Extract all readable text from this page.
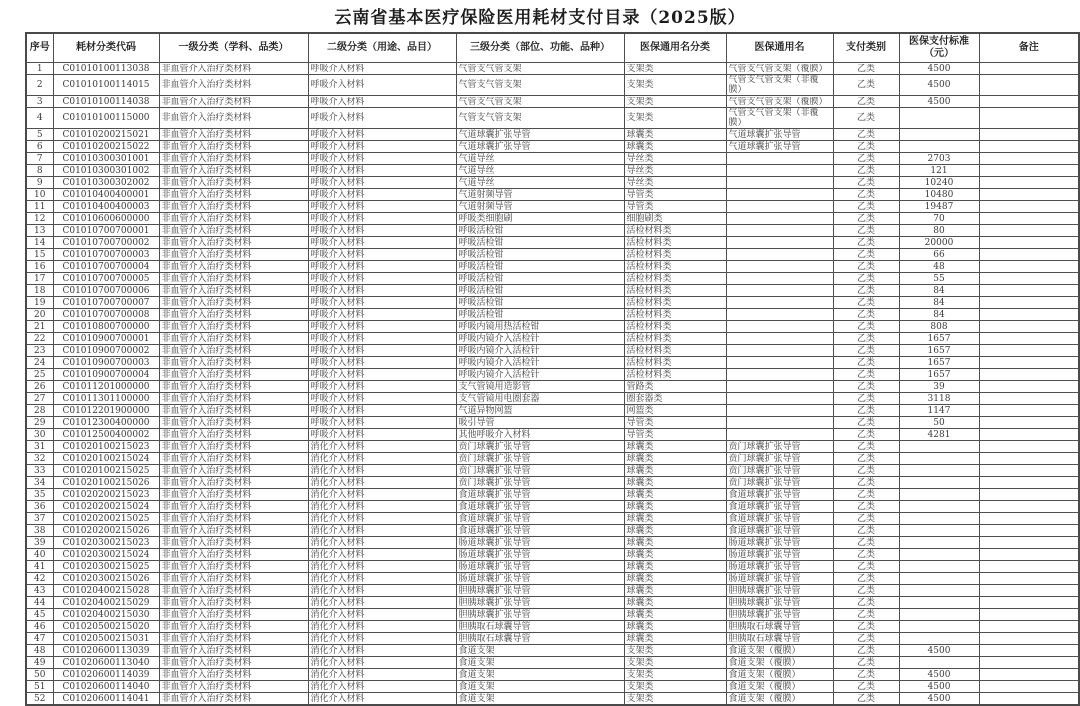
云南省基本医疗保险医用耗材支付目录（2025版）
序号	耗材分类代码	一级分类（学科、品类）	二级分类（用途、品目）	三级分类（部位、功能、品种）	医保通用名分类	医保通用名	支付类别	医保支付标准（元）	备注

1	C01010100113038	非血管介入治疗类材料	呼吸介入材料	气管支气管支架	支架类	气管支气管支架（覆膜）	乙类	4500	

2	C01010100114015	非血管介入治疗类材料	呼吸介入材料	气管支气管支架	支架类	气管支气管支架（非覆膜）	乙类	4500	

3	C01010100114038	非血管介入治疗类材料	呼吸介入材料	气管支气管支架	支架类	气管支气管支架（覆膜）	乙类	4500	

4	C01010100115000	非血管介入治疗类材料	呼吸介入材料	气管支气管支架	支架类	气管支气管支架（非覆膜）	乙类		

5	C01010200215021	非血管介入治疗类材料	呼吸介入材料	气道球囊扩张导管	球囊类	气道球囊扩张导管	乙类		

6	C01010200215022	非血管介入治疗类材料	呼吸介入材料	气道球囊扩张导管	球囊类	气道球囊扩张导管	乙类		

7	C01010300301001	非血管介入治疗类材料	呼吸介入材料	气道导丝	导丝类		乙类	2703	

8	C01010300301002	非血管介入治疗类材料	呼吸介入材料	气道导丝	导丝类		乙类	121	

9	C01010300302002	非血管介入治疗类材料	呼吸介入材料	气道导丝	导丝类		乙类	10240	

10	C01010400400001	非血管介入治疗类材料	呼吸介入材料	气道射频导管	导管类		乙类	10480	

11	C01010400400003	非血管介入治疗类材料	呼吸介入材料	气道射频导管	导管类		乙类	19487	

12	C01010600600000	非血管介入治疗类材料	呼吸介入材料	呼吸类细胞刷	细胞刷类		乙类	70	

13	C01010700700001	非血管介入治疗类材料	呼吸介入材料	呼吸活检钳	活检材料类		乙类	80	

14	C01010700700002	非血管介入治疗类材料	呼吸介入材料	呼吸活检钳	活检材料类		乙类	20000	

15	C01010700700003	非血管介入治疗类材料	呼吸介入材料	呼吸活检钳	活检材料类		乙类	66	

16	C01010700700004	非血管介入治疗类材料	呼吸介入材料	呼吸活检钳	活检材料类		乙类	48	

17	C01010700700005	非血管介入治疗类材料	呼吸介入材料	呼吸活检钳	活检材料类		乙类	55	

18	C01010700700006	非血管介入治疗类材料	呼吸介入材料	呼吸活检钳	活检材料类		乙类	84	

19	C01010700700007	非血管介入治疗类材料	呼吸介入材料	呼吸活检钳	活检材料类		乙类	84	

20	C01010700700008	非血管介入治疗类材料	呼吸介入材料	呼吸活检钳	活检材料类		乙类	84	

21	C01010800700000	非血管介入治疗类材料	呼吸介入材料	呼吸内镜用热活检钳	活检材料类		乙类	808	

22	C01010900700001	非血管介入治疗类材料	呼吸介入材料	呼吸内镜介入活检针	活检材料类		乙类	1657	

23	C01010900700002	非血管介入治疗类材料	呼吸介入材料	呼吸内镜介入活检针	活检材料类		乙类	1657	

24	C01010900700003	非血管介入治疗类材料	呼吸介入材料	呼吸内镜介入活检针	活检材料类		乙类	1657	

25	C01010900700004	非血管介入治疗类材料	呼吸介入材料	呼吸内镜介入活检针	活检材料类		乙类	1657	

26	C01011201000000	非血管介入治疗类材料	呼吸介入材料	支气管镜用造影管	管路类		乙类	39	

27	C01011301100000	非血管介入治疗类材料	呼吸介入材料	支气管镜用电圈套器	圈套器类		乙类	3118	

28	C01012201900000	非血管介入治疗类材料	呼吸介入材料	气道异物网篮	网篮类		乙类	1147	

29	C01012300400000	非血管介入治疗类材料	呼吸介入材料	吸引导管	导管类		乙类	50	

30	C01012500400002	非血管介入治疗类材料	呼吸介入材料	其他呼吸介入材料	导管类		乙类	4281	

31	C01020100215023	非血管介入治疗类材料	消化介入材料	贲门球囊扩张导管	球囊类	贲门球囊扩张导管	乙类		

32	C01020100215024	非血管介入治疗类材料	消化介入材料	贲门球囊扩张导管	球囊类	贲门球囊扩张导管	乙类		

33	C01020100215025	非血管介入治疗类材料	消化介入材料	贲门球囊扩张导管	球囊类	贲门球囊扩张导管	乙类		

34	C01020100215026	非血管介入治疗类材料	消化介入材料	贲门球囊扩张导管	球囊类	贲门球囊扩张导管	乙类		

35	C01020200215023	非血管介入治疗类材料	消化介入材料	食道球囊扩张导管	球囊类	食道球囊扩张导管	乙类		

36	C01020200215024	非血管介入治疗类材料	消化介入材料	食道球囊扩张导管	球囊类	食道球囊扩张导管	乙类		

37	C01020200215025	非血管介入治疗类材料	消化介入材料	食道球囊扩张导管	球囊类	食道球囊扩张导管	乙类		

38	C01020200215026	非血管介入治疗类材料	消化介入材料	食道球囊扩张导管	球囊类	食道球囊扩张导管	乙类		

39	C01020300215023	非血管介入治疗类材料	消化介入材料	肠道球囊扩张导管	球囊类	肠道球囊扩张导管	乙类		

40	C01020300215024	非血管介入治疗类材料	消化介入材料	肠道球囊扩张导管	球囊类	肠道球囊扩张导管	乙类		

41	C01020300215025	非血管介入治疗类材料	消化介入材料	肠道球囊扩张导管	球囊类	肠道球囊扩张导管	乙类		

42	C01020300215026	非血管介入治疗类材料	消化介入材料	肠道球囊扩张导管	球囊类	肠道球囊扩张导管	乙类		

43	C01020400215028	非血管介入治疗类材料	消化介入材料	胆胰球囊扩张导管	球囊类	胆胰球囊扩张导管	乙类		

44	C01020400215029	非血管介入治疗类材料	消化介入材料	胆胰球囊扩张导管	球囊类	胆胰球囊扩张导管	乙类		

45	C01020400215030	非血管介入治疗类材料	消化介入材料	胆胰球囊扩张导管	球囊类	胆胰球囊扩张导管	乙类		

46	C01020500215020	非血管介入治疗类材料	消化介入材料	胆胰取石球囊导管	球囊类	胆胰取石球囊导管	乙类		

47	C01020500215031	非血管介入治疗类材料	消化介入材料	胆胰取石球囊导管	球囊类	胆胰取石球囊导管	乙类		

48	C01020600113039	非血管介入治疗类材料	消化介入材料	食道支架	支架类	食道支架（覆膜）	乙类	4500	

49	C01020600113040	非血管介入治疗类材料	消化介入材料	食道支架	支架类	食道支架（覆膜）	乙类		

50	C01020600114039	非血管介入治疗类材料	消化介入材料	食道支架	支架类	食道支架（覆膜）	乙类	4500	

51	C01020600114040	非血管介入治疗类材料	消化介入材料	食道支架	支架类	食道支架（覆膜）	乙类	4500	

52	C01020600114041	非血管介入治疗类材料	消化介入材料	食道支架	支架类	食道支架（覆膜）	乙类	4500	
